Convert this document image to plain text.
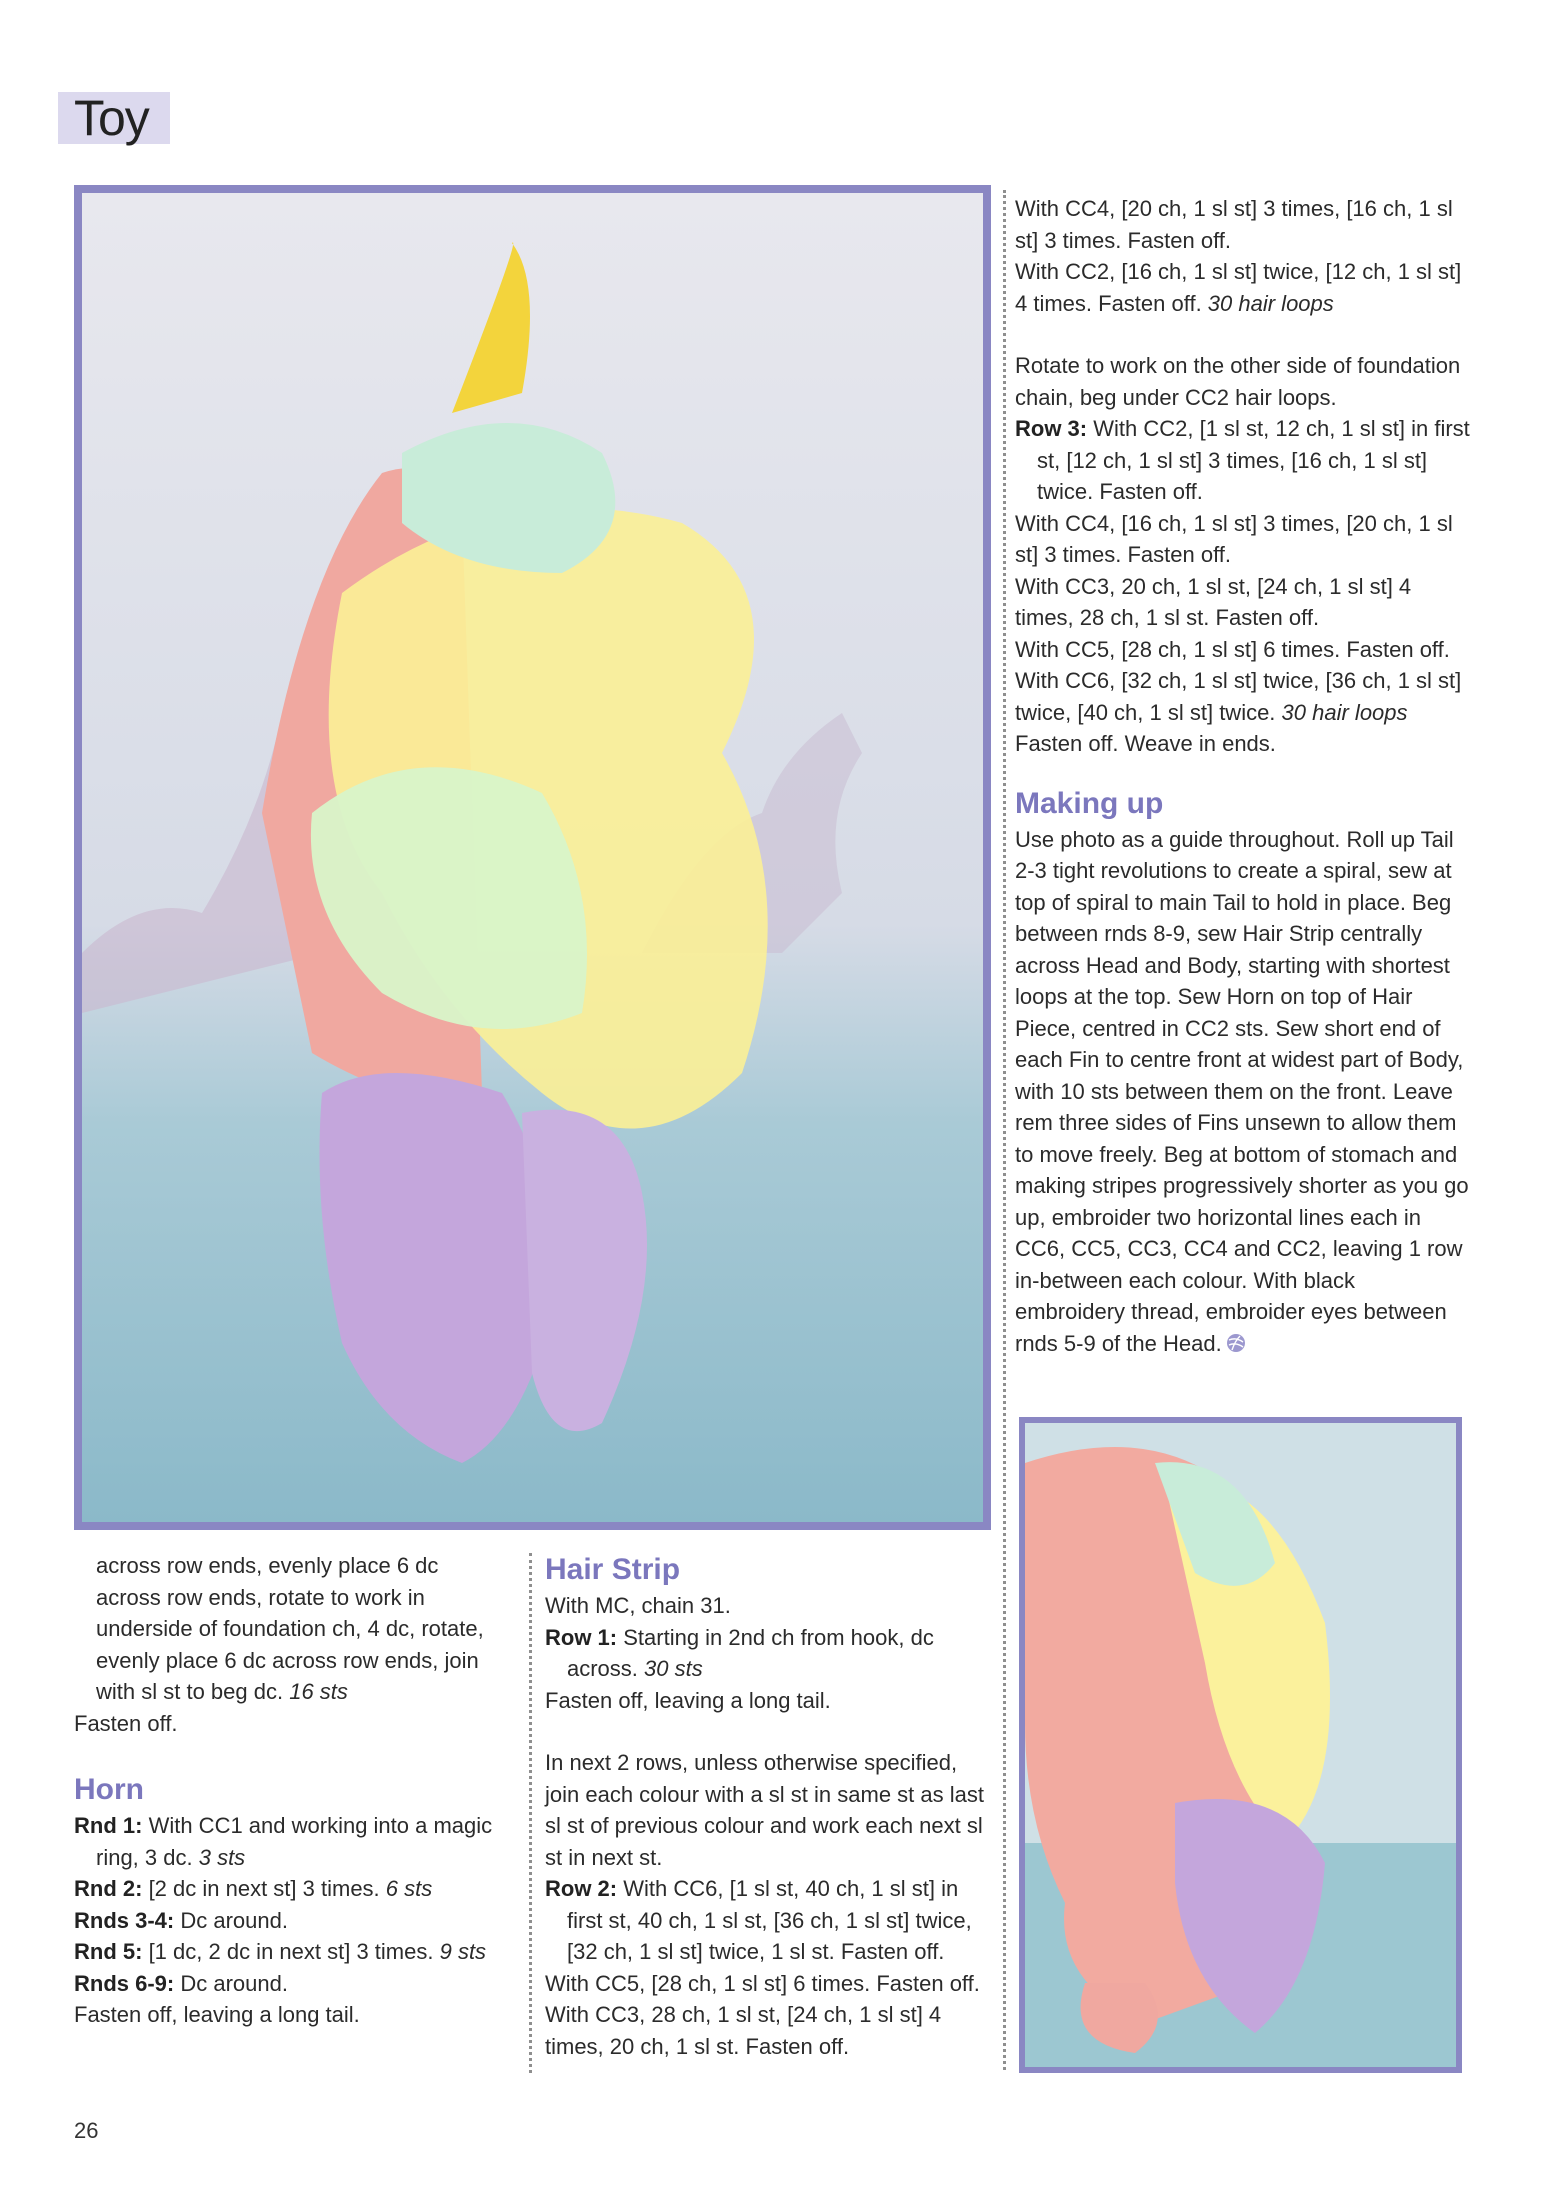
Toy

across row ends, evenly place 6 dc

across row ends, rotate to work in

underside of foundation ch, 4 dc, rotate,

evenly place 6 dc across row ends, join

with sl st to beg dc. 16 sts

Fasten off.

Horn

Rnd 1: With CC1 and working into a magic ring, 3 dc. 3 sts

Rnd 2: [2 dc in next st] 3 times. 6 sts

Rnds 3-4: Dc around.

Rnd 5: [1 dc, 2 dc in next st] 3 times. 9 sts

Rnds 6-9: Dc around.

Fasten off, leaving a long tail.

Hair Strip

With MC, chain 31.

Row 1: Starting in 2nd ch from hook, dc across. 30 sts

Fasten off, leaving a long tail.

In next 2 rows, unless otherwise specified, join each colour with a sl st in same st as last sl st of previous colour and work each next sl st in next st.

Row 2: With CC6, [1 sl st, 40 ch, 1 sl st] in first st, 40 ch, 1 sl st, [36 ch, 1 sl st] twice, [32 ch, 1 sl st] twice, 1 sl st. Fasten off.

With CC5, [28 ch, 1 sl st] 6 times. Fasten off.

With CC3, 28 ch, 1 sl st, [24 ch, 1 sl st] 4 times, 20 ch, 1 sl st. Fasten off.

With CC4, [20 ch, 1 sl st] 3 times, [16 ch, 1 sl st] 3 times. Fasten off.

With CC2, [16 ch, 1 sl st] twice, [12 ch, 1 sl st] 4 times. Fasten off. 30 hair loops

Rotate to work on the other side of foundation chain, beg under CC2 hair loops.

Row 3: With CC2, [1 sl st, 12 ch, 1 sl st] in first st, [12 ch, 1 sl st] 3 times, [16 ch, 1 sl st] twice. Fasten off.

With CC4, [16 ch, 1 sl st] 3 times, [20 ch, 1 sl st] 3 times. Fasten off.

With CC3, 20 ch, 1 sl st, [24 ch, 1 sl st] 4 times, 28 ch, 1 sl st. Fasten off.

With CC5, [28 ch, 1 sl st] 6 times. Fasten off.

With CC6, [32 ch, 1 sl st] twice, [36 ch, 1 sl st] twice, [40 ch, 1 sl st] twice. 30 hair loops

Fasten off. Weave in ends.

Making up

Use photo as a guide throughout. Roll up Tail 2-3 tight revolutions to create a spiral, sew at top of spiral to main Tail to hold in place. Beg between rnds 8-9, sew Hair Strip centrally across Head and Body, starting with shortest loops at the top. Sew Horn on top of Hair Piece, centred in CC2 sts. Sew short end of each Fin to centre front at widest part of Body, with 10 sts between them on the front. Leave rem three sides of Fins unsewn to allow them to move freely. Beg at bottom of stomach and making stripes progressively shorter as you go up, embroider two horizontal lines each in CC6, CC5, CC3, CC4 and CC2, leaving 1 row in-between each colour. With black embroidery thread, embroider eyes between rnds 5-9 of the Head.

26
